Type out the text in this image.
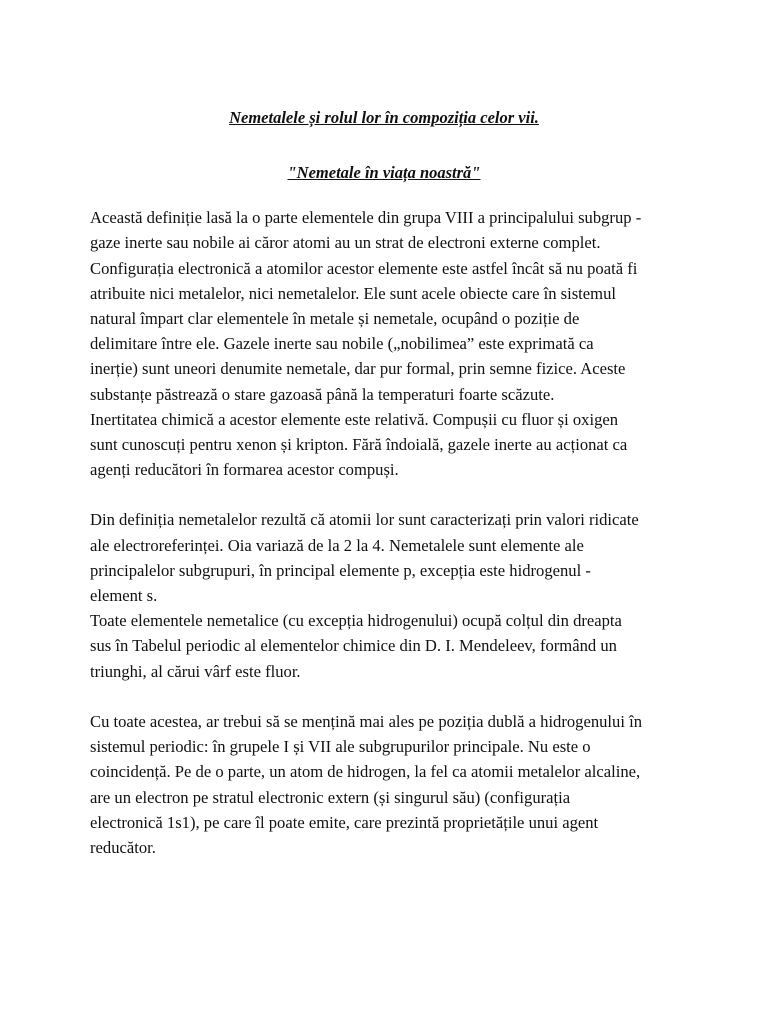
Nemetalele și rolul lor în compoziția celor vii.
"Nemetale în viața noastră"

Această definiție lasă la o parte elementele din grupa VIII a principalului subgrup -
gaze inerte sau nobile ai căror atomi au un strat de electroni externe complet.
Configurația electronică a atomilor acestor elemente este astfel încât să nu poată fi
atribuite nici metalelor, nici nemetalelor. Ele sunt acele obiecte care în sistemul
natural împart clar elementele în metale și nemetale, ocupând o poziție de
delimitare între ele. Gazele inerte sau nobile („nobilimea” este exprimată ca
inerție) sunt uneori denumite nemetale, dar pur formal, prin semne fizice. Aceste
substanțe păstrează o stare gazoasă până la temperaturi foarte scăzute.
Inertitatea chimică a acestor elemente este relativă. Compușii cu fluor și oxigen
sunt cunoscuți pentru xenon și kripton. Fără îndoială, gazele inerte au acționat ca
agenți reducători în formarea acestor compuși.

Din definiția nemetalelor rezultă că atomii lor sunt caracterizați prin valori ridicate
ale electroreferinței. Oia variază de la 2 la 4. Nemetalele sunt elemente ale
principalelor subgrupuri, în principal elemente p, excepția este hidrogenul -
element s.
Toate elementele nemetalice (cu excepția hidrogenului) ocupă colțul din dreapta
sus în Tabelul periodic al elementelor chimice din D. I. Mendeleev, formând un
triunghi, al cărui vârf este fluor.

Cu toate acestea, ar trebui să se mențină mai ales pe poziția dublă a hidrogenului în
sistemul periodic: în grupele I și VII ale subgrupurilor principale. Nu este o
coincidență. Pe de o parte, un atom de hidrogen, la fel ca atomii metalelor alcaline,
are un electron pe stratul electronic extern (și singurul său) (configurația
electronică 1s1), pe care îl poate emite, care prezintă proprietățile unui agent
reducător.
